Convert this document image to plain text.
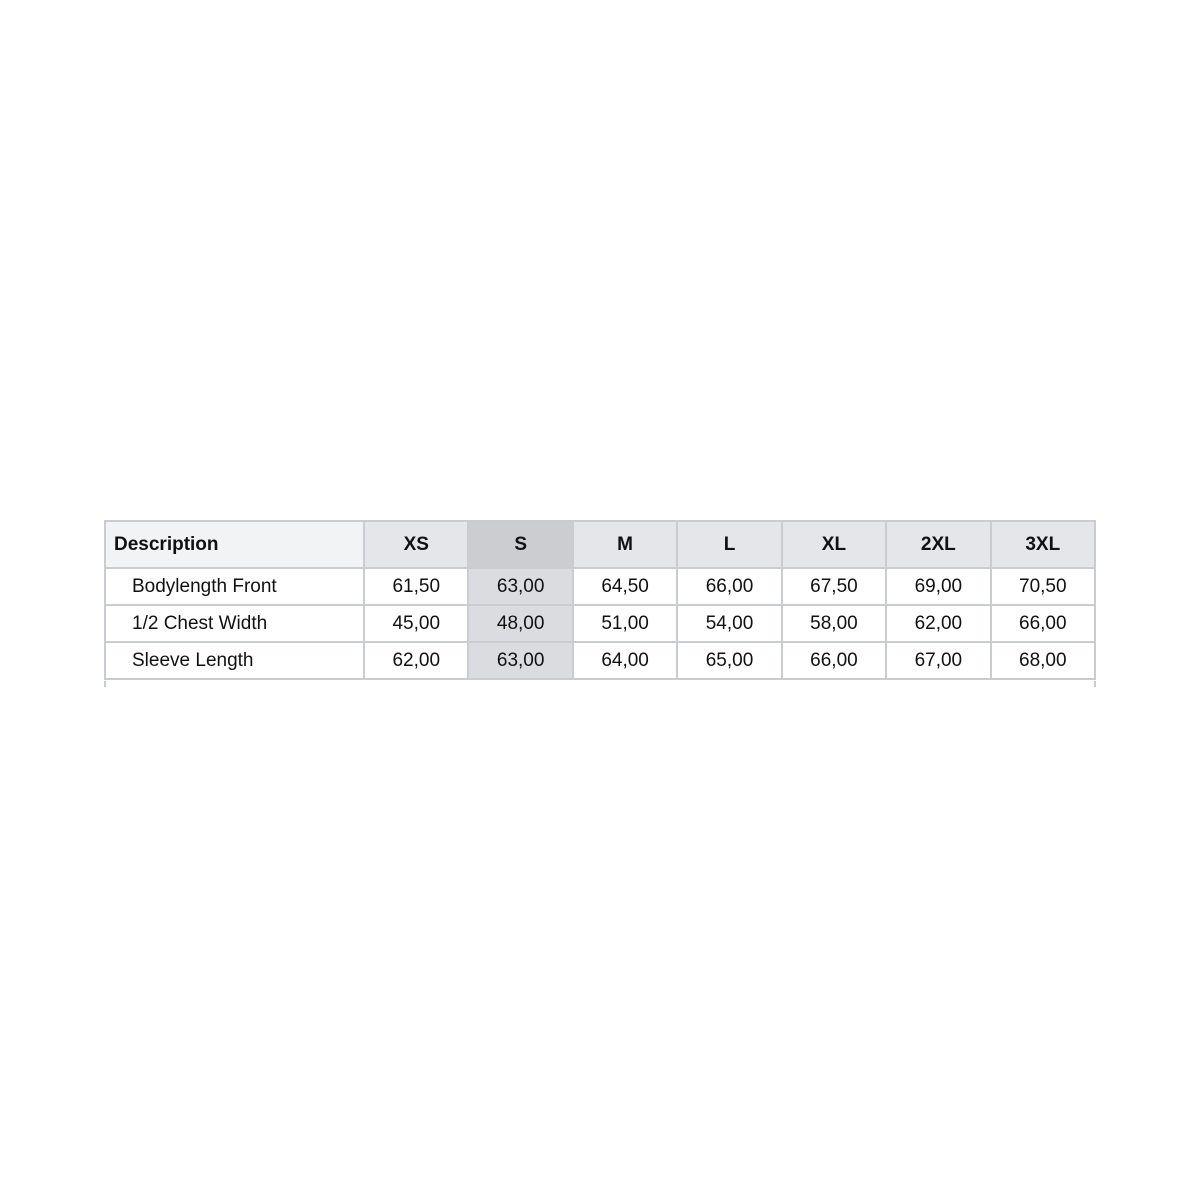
Description	XS	S	M	L	XL	2XL	3XL
Bodylength Front	61,50	63,00	64,50	66,00	67,50	69,00	70,50
1/2 Chest Width	45,00	48,00	51,00	54,00	58,00	62,00	66,00
Sleeve Length	62,00	63,00	64,00	65,00	66,00	67,00	68,00
